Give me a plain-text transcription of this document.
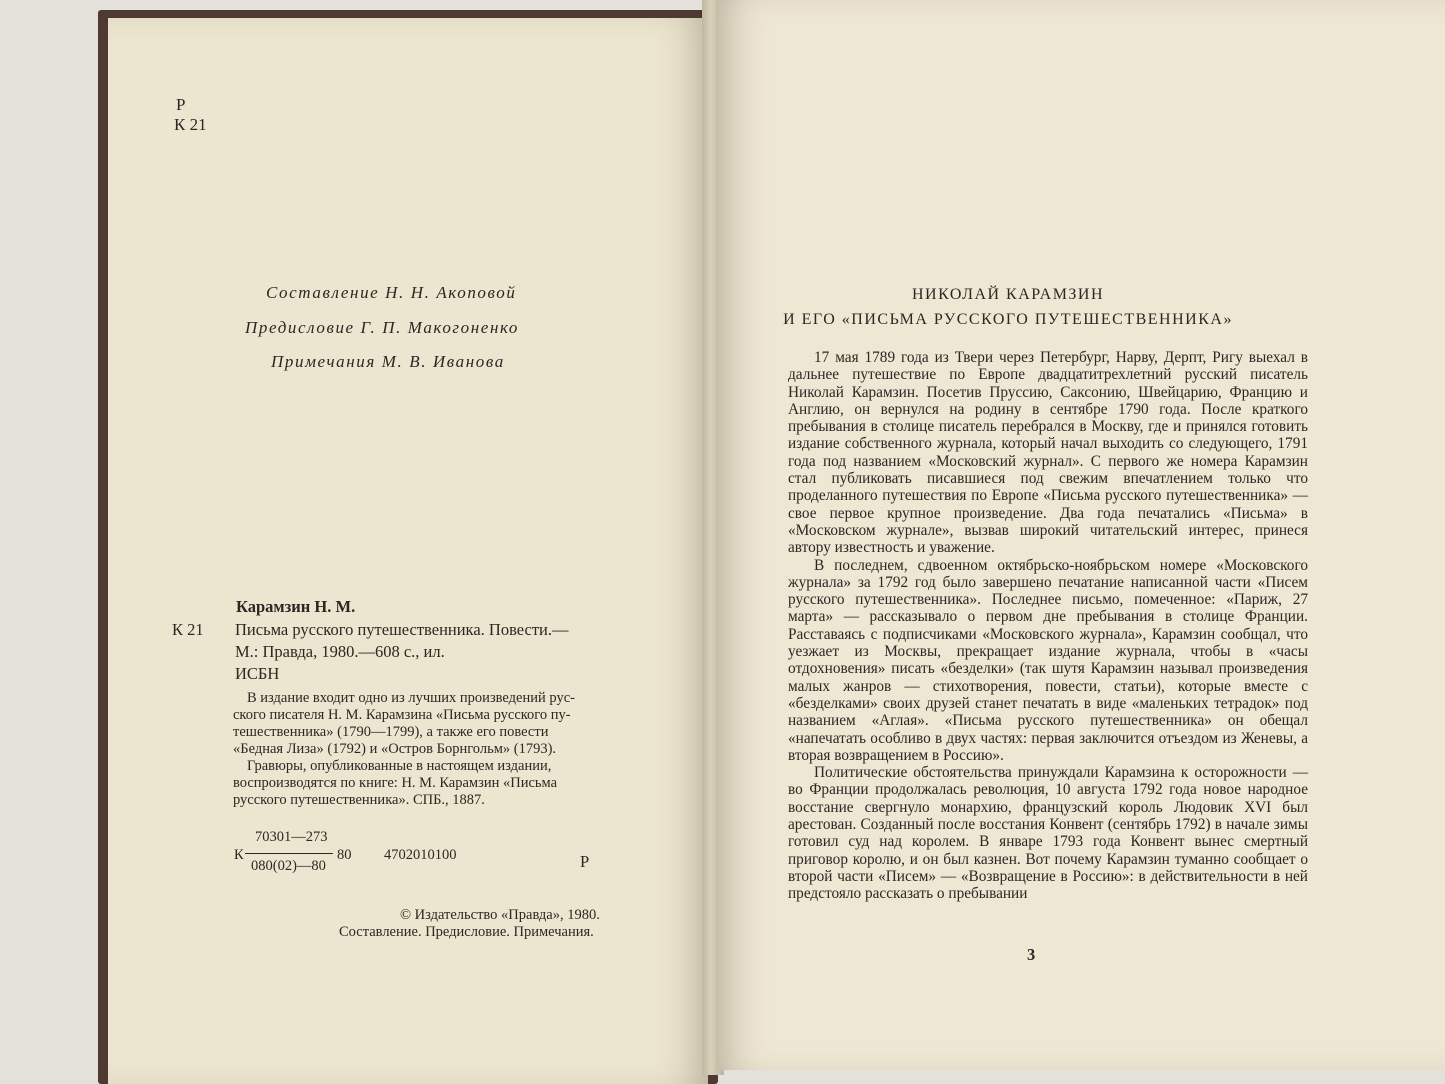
Р
К 21
Составление Н. Н. Акоповой
Предисловие Г. П. Макогоненко
Примечания М. В. Иванова
Карамзин Н. М.
К 21 Письма русского путешественника. Повести.—
М.: Правда, 1980.—608 с., ил.
ИСБН
В издание входит одно из лучших произведений рус-
ского писателя Н. М. Карамзина «Письма русского пу-
тешественника» (1790—1799), а также его повести
«Бедная Лиза» (1792) и «Остров Борнгольм» (1793).
Гравюры, опубликованные в настоящем издании,
воспроизводятся по книге: Н. М. Карамзин «Письма
русского путешественника». СПБ., 1887.
К
70301—273
080(02)—80
80 4702010100	Р
© Издательство «Правда», 1980.
Составление. Предисловие. Примечания.
НИКОЛАЙ КАРАМЗИН
И ЕГО «ПИСЬМА РУССКОГО ПУТЕШЕСТВЕННИКА»

17 мая 1789 года из Твери через Петербург, Нарву, Дерпт, Ригу выехал в дальнее путешествие по Европе двадцатитрехлетний русский писатель Николай Карамзин. Посетив Пруссию, Саксонию, Швейцарию, Францию и Англию, он вернулся на родину в сентябре 1790 года. После краткого пребывания в столице писатель перебрался в Москву, где и принялся готовить издание собственного журнала, который начал выходить со следующего, 1791 года под названием «Московский журнал». С первого же номера Карамзин стал публиковать писавшиеся под свежим впечатлением только что проделанного путешествия по Европе «Письма русского путешественника» — свое первое крупное произведение. Два года печатались «Письма» в «Московском журнале», вызвав широкий читательский интерес, принеся автору известность и уважение.

В последнем, сдвоенном октябрьско-ноябрьском номере «Московского журнала» за 1792 год было завершено печатание написанной части «Писем русского путешественника». Последнее письмо, помеченное: «Париж, 27 марта» — рассказывало о первом дне пребывания в столице Франции. Расставаясь с подписчиками «Московского журнала», Карамзин сообщал, что уезжает из Москвы, прекращает издание журнала, чтобы в «часы отдохновения» писать «безделки» (так шутя Карамзин называл произведения малых жанров — стихотворения, повести, статьи), которые вместе с «безделками» своих друзей станет печатать в виде «маленьких тетрадок» под названием «Аглая». «Письма русского путешественника» он обещал «напечатать особливо в двух частях: первая заключится отъездом из Женевы, а вторая возвращением в Россию».

Политические обстоятельства принуждали Карамзина к осторожности — во Франции продолжалась революция, 10 августа 1792 года новое народное восстание свергнуло монархию, французский король Людовик XVI был арестован. Созданный после восстания Конвент (сентябрь 1792) в начале зимы готовил суд над королем. В январе 1793 года Конвент вынес смертный приговор королю, и он был казнен. Вот почему Карамзин туманно сообщает о второй части «Писем» — «Возвращение в Россию»: в действительности в ней предстояло рассказать о пребывании

3
